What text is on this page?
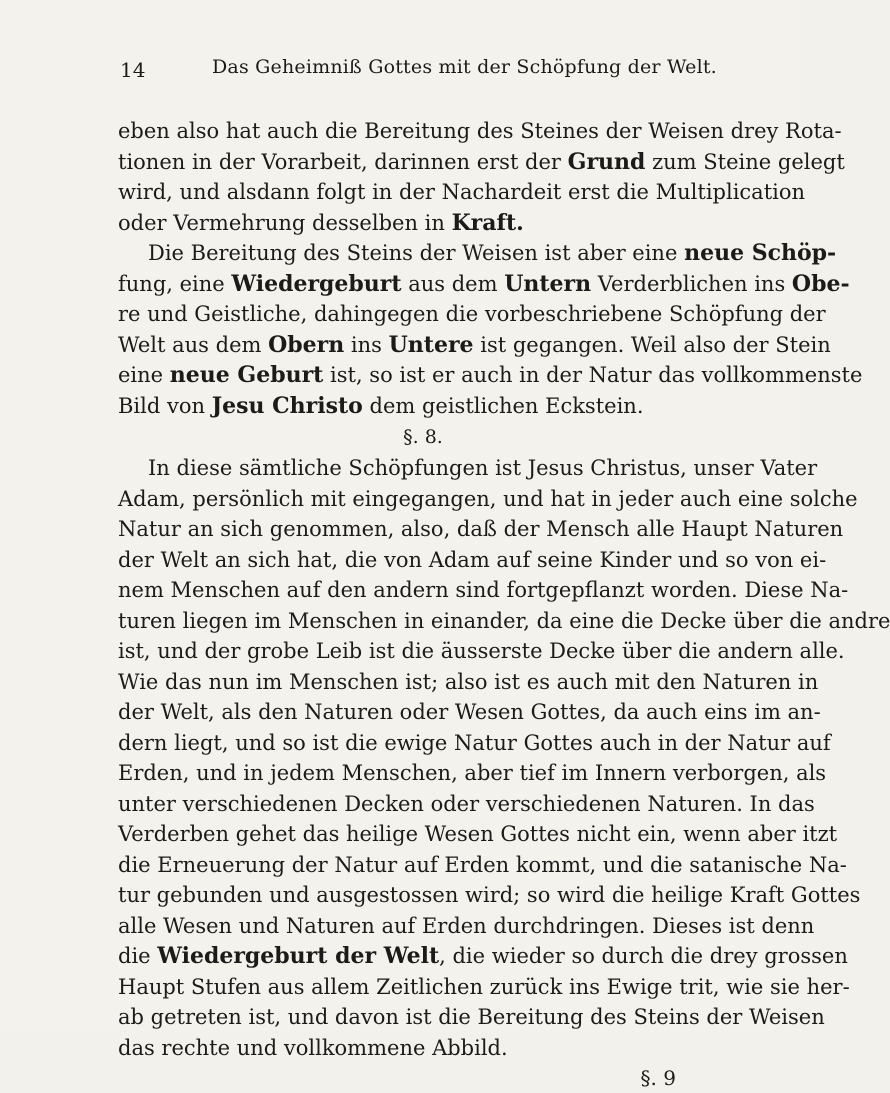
14	Das Geheimniß Gottes mit der Schöpfung der Welt.
eben also hat auch die Bereitung des Steines der Weisen drey Rota-
tionen in der Vorarbeit, darinnen erst der Grund zum Steine gelegt
wird, und alsdann folgt in der Nachardeit erst die Multiplication
oder Vermehrung desselben in Kraft.
Die Bereitung des Steins der Weisen ist aber eine neue Schöp-
fung, eine Wiedergeburt aus dem Untern Verderblichen ins Obe-
re und Geistliche, dahingegen die vorbeschriebene Schöpfung der
Welt aus dem Obern ins Untere ist gegangen. Weil also der Stein
eine neue Geburt ist, so ist er auch in der Natur das vollkommenste
Bild von Jesu Christo dem geistlichen Eckstein.
§. 8.
In diese sämtliche Schöpfungen ist Jesus Christus, unser Vater
Adam, persönlich mit eingegangen, und hat in jeder auch eine solche
Natur an sich genommen, also, daß der Mensch alle Haupt Naturen
der Welt an sich hat, die von Adam auf seine Kinder und so von ei-
nem Menschen auf den andern sind fortgepflanzt worden. Diese Na-
turen liegen im Menschen in einander, da eine die Decke über die andre
ist, und der grobe Leib ist die äusserste Decke über die andern alle.
Wie das nun im Menschen ist; also ist es auch mit den Naturen in
der Welt, als den Naturen oder Wesen Gottes, da auch eins im an-
dern liegt, und so ist die ewige Natur Gottes auch in der Natur auf
Erden, und in jedem Menschen, aber tief im Innern verborgen, als
unter verschiedenen Decken oder verschiedenen Naturen. In das
Verderben gehet das heilige Wesen Gottes nicht ein, wenn aber itzt
die Erneuerung der Natur auf Erden kommt, und die satanische Na-
tur gebunden und ausgestossen wird; so wird die heilige Kraft Gottes
alle Wesen und Naturen auf Erden durchdringen. Dieses ist denn
die Wiedergeburt der Welt, die wieder so durch die drey grossen
Haupt Stufen aus allem Zeitlichen zurück ins Ewige trit, wie sie her-
ab getreten ist, und davon ist die Bereitung des Steins der Weisen
das rechte und vollkommene Abbild.
§. 9
